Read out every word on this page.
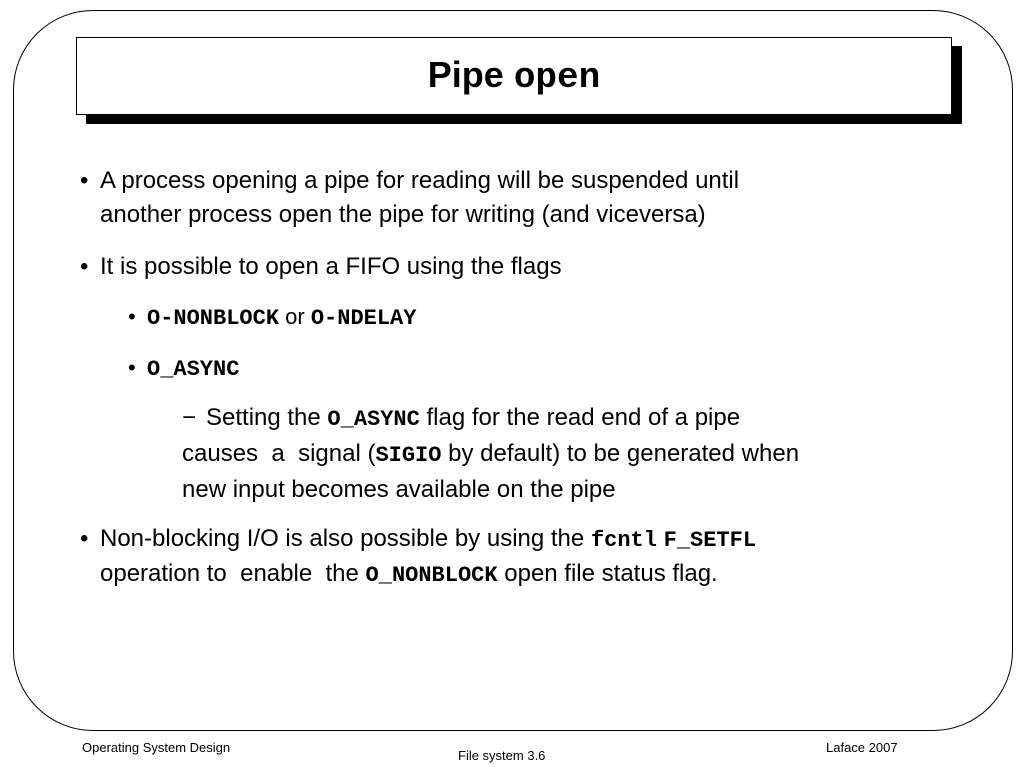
Pipe open
• A process opening a pipe for reading will be suspended until
another process open the pipe for writing (and viceversa)
• It is possible to open a FIFO using the flags
• O-NONBLOCK or O-NDELAY
• O_ASYNC
− Setting the O_ASYNC flag for the read end of a pipe
causes  a  signal (SIGIO by default) to be generated when
new input becomes available on the pipe
• Non-blocking I/O is also possible by using the fcntl F_SETFL
operation to  enable  the O_NONBLOCK open file status flag.
Operating System Design
File system 3.6
Laface 2007
